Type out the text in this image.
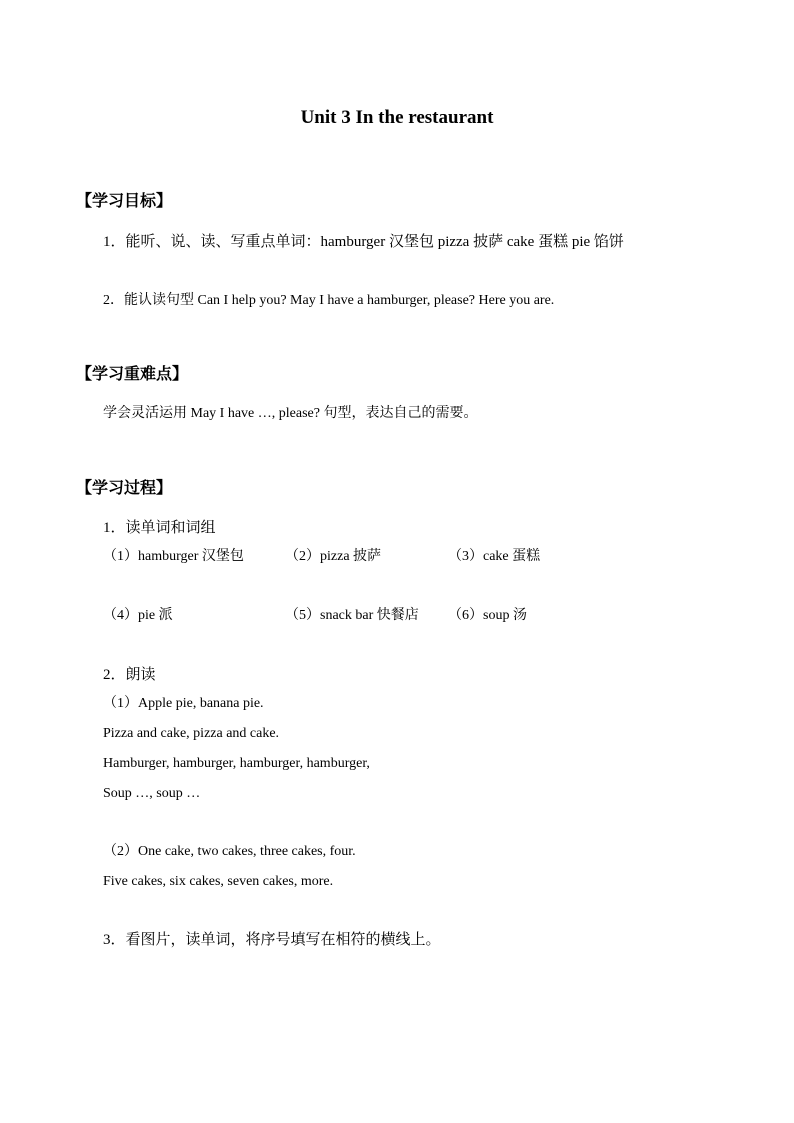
Unit 3 In the restaurant
【学习目标】
1．能听、说、读、写重点单词：hamburger 汉堡包 pizza 披萨 cake 蛋糕 pie 馅饼
2．能认读句型 Can I help you? May I have a hamburger, please? Here you are.
【学习重难点】
学会灵活运用 May I have …, please? 句型，表达自己的需要。
【学习过程】
1．读单词和词组
（1）hamburger 汉堡包	（2）pizza 披萨	（3）cake 蛋糕
（4）pie 派	（5）snack bar 快餐店 （6）soup 汤
2．朗读
（1）Apple pie, banana pie.
Pizza and cake, pizza and cake.
Hamburger, hamburger, hamburger, hamburger,
Soup …, soup …
（2）One cake, two cakes, three cakes, four.
Five cakes, six cakes, seven cakes, more.
3．看图片，读单词，将序号填写在相符的横线上。
